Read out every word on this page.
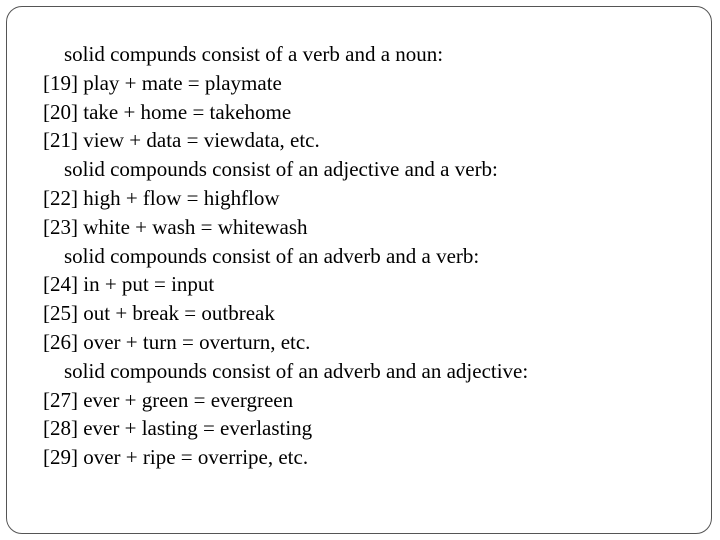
solid compunds consist of a verb and a noun:
[19] play + mate = playmate
[20] take + home = takehome
[21] view + data = viewdata, etc.
solid compounds consist of an adjective and a verb:
[22] high + flow = highflow
[23] white + wash = whitewash
solid compounds consist of an adverb and a verb:
[24] in + put = input
[25] out + break = outbreak
[26] over + turn = overturn, etc.
solid compounds consist of an adverb and an adjective:
[27] ever + green = evergreen
[28] ever + lasting = everlasting
[29] over + ripe = overripe, etc.
